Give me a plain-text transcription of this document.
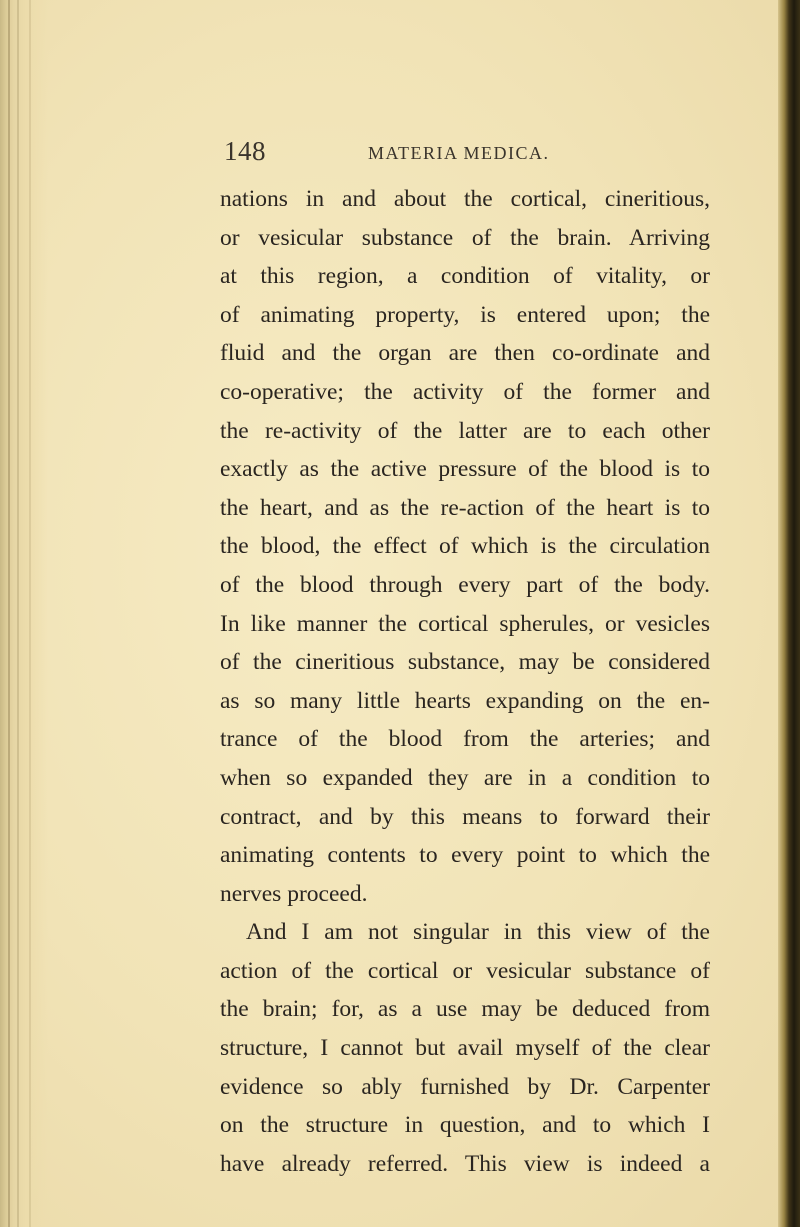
148	MATERIA MEDICA.
nations in and about the cortical, cineritious,
or vesicular substance of the brain. Arriving
at this region, a condition of vitality, or
of animating property, is entered upon; the
fluid and the organ are then co-ordinate and
co-operative; the activity of the former and
the re-activity of the latter are to each other
exactly as the active pressure of the blood is to
the heart, and as the re-action of the heart is to
the blood, the effect of which is the circulation
of the blood through every part of the body.
In like manner the cortical spherules, or vesicles
of the cineritious substance, may be considered
as so many little hearts expanding on the en-
trance of the blood from the arteries; and
when so expanded they are in a condition to
contract, and by this means to forward their
animating contents to every point to which the
nerves proceed.
And I am not singular in this view of the
action of the cortical or vesicular substance of
the brain; for, as a use may be deduced from
structure, I cannot but avail myself of the clear
evidence so ably furnished by Dr. Carpenter
on the structure in question, and to which I
have already referred. This view is indeed a
